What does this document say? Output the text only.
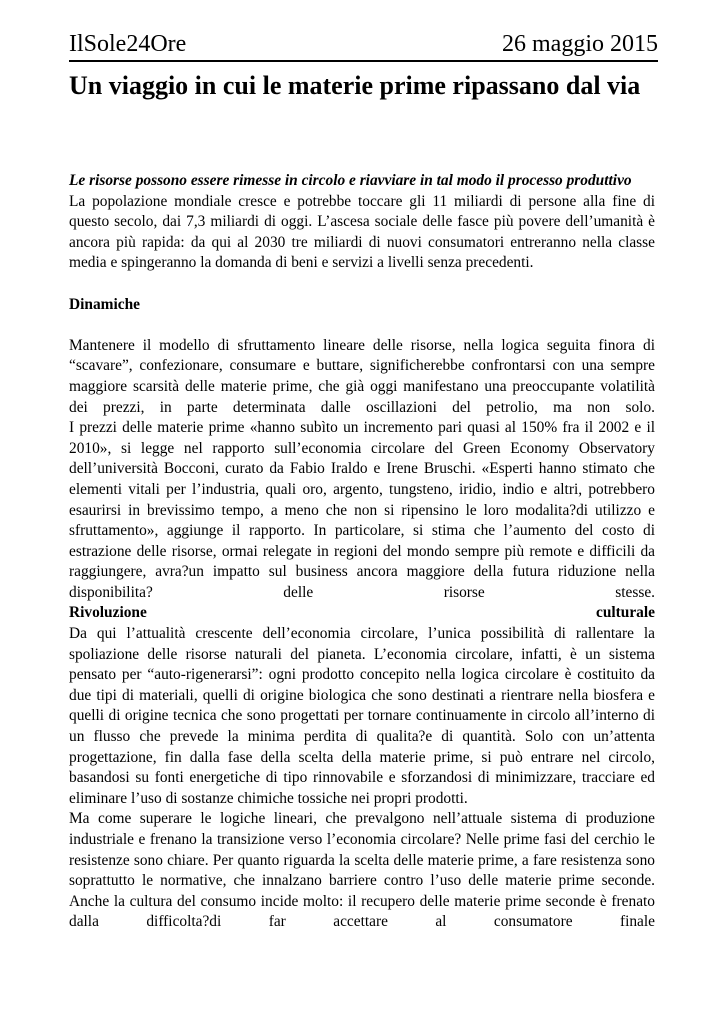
IlSole24Ore	26 maggio 2015
Un viaggio in cui le materie prime ripassano dal via

Le risorse possono essere rimesse in circolo e riavviare in tal modo il processo produttivo

La popolazione mondiale cresce e potrebbe toccare gli 11 miliardi di persone alla fine di questo secolo, dai 7,3 miliardi di oggi. L’ascesa sociale delle fasce più povere dell’umanità è ancora più rapida: da qui al 2030 tre miliardi di nuovi consumatori entreranno nella classe media e spingeranno la domanda di beni e servizi a livelli senza precedenti.

Dinamiche

Mantenere il modello di sfruttamento lineare delle risorse, nella logica seguita finora di “scavare”, confezionare, consumare e buttare, significherebbe confrontarsi con una sempre maggiore scarsità delle materie prime, che già oggi manifestano una preoccupante volatilità dei prezzi, in parte determinata dalle oscillazioni del petrolio, ma non solo.

I prezzi delle materie prime «hanno subìto un incremento pari quasi al 150% fra il 2002 e il 2010», si legge nel rapporto sull’economia circolare del Green Economy Observatory dell’università Bocconi, curato da Fabio Iraldo e Irene Bruschi. «Esperti hanno stimato che elementi vitali per l’industria, quali oro, argento, tungsteno, iridio, indio e altri, potrebbero esaurirsi in brevissimo tempo, a meno che non si ripensino le loro modalita?di utilizzo e sfruttamento», aggiunge il rapporto. In particolare, si stima che l’aumento del costo di estrazione delle risorse, ormai relegate in regioni del mondo sempre più remote e difficili da raggiungere, avra?un impatto sul business ancora maggiore della futura riduzione nella disponibilita? delle risorse stesse.

Rivoluzione culturale

Da qui l’attualità crescente dell’economia circolare, l’unica possibilità di rallentare la spoliazione delle risorse naturali del pianeta. L’economia circolare, infatti, è un sistema pensato per “auto-rigenerarsi”: ogni prodotto concepito nella logica circolare è costituito da due tipi di materiali, quelli di origine biologica che sono destinati a rientrare nella biosfera e quelli di origine tecnica che sono progettati per tornare continuamente in circolo all’interno di un flusso che prevede la minima perdita di qualita?e di quantità. Solo con un’attenta progettazione, fin dalla fase della scelta della materie prime, si può entrare nel circolo, basandosi su fonti energetiche di tipo rinnovabile e sforzandosi di minimizzare, tracciare ed eliminare l’uso di sostanze chimiche tossiche nei propri prodotti.

Ma come superare le logiche lineari, che prevalgono nell’attuale sistema di produzione industriale e frenano la transizione verso l’economia circolare? Nelle prime fasi del cerchio le resistenze sono chiare. Per quanto riguarda la scelta delle materie prime, a fare resistenza sono soprattutto le normative, che innalzano barriere contro l’uso delle materie prime seconde. Anche la cultura del consumo incide molto: il recupero delle materie prime seconde è frenato dalla difficolta?di far accettare al consumatore finale
